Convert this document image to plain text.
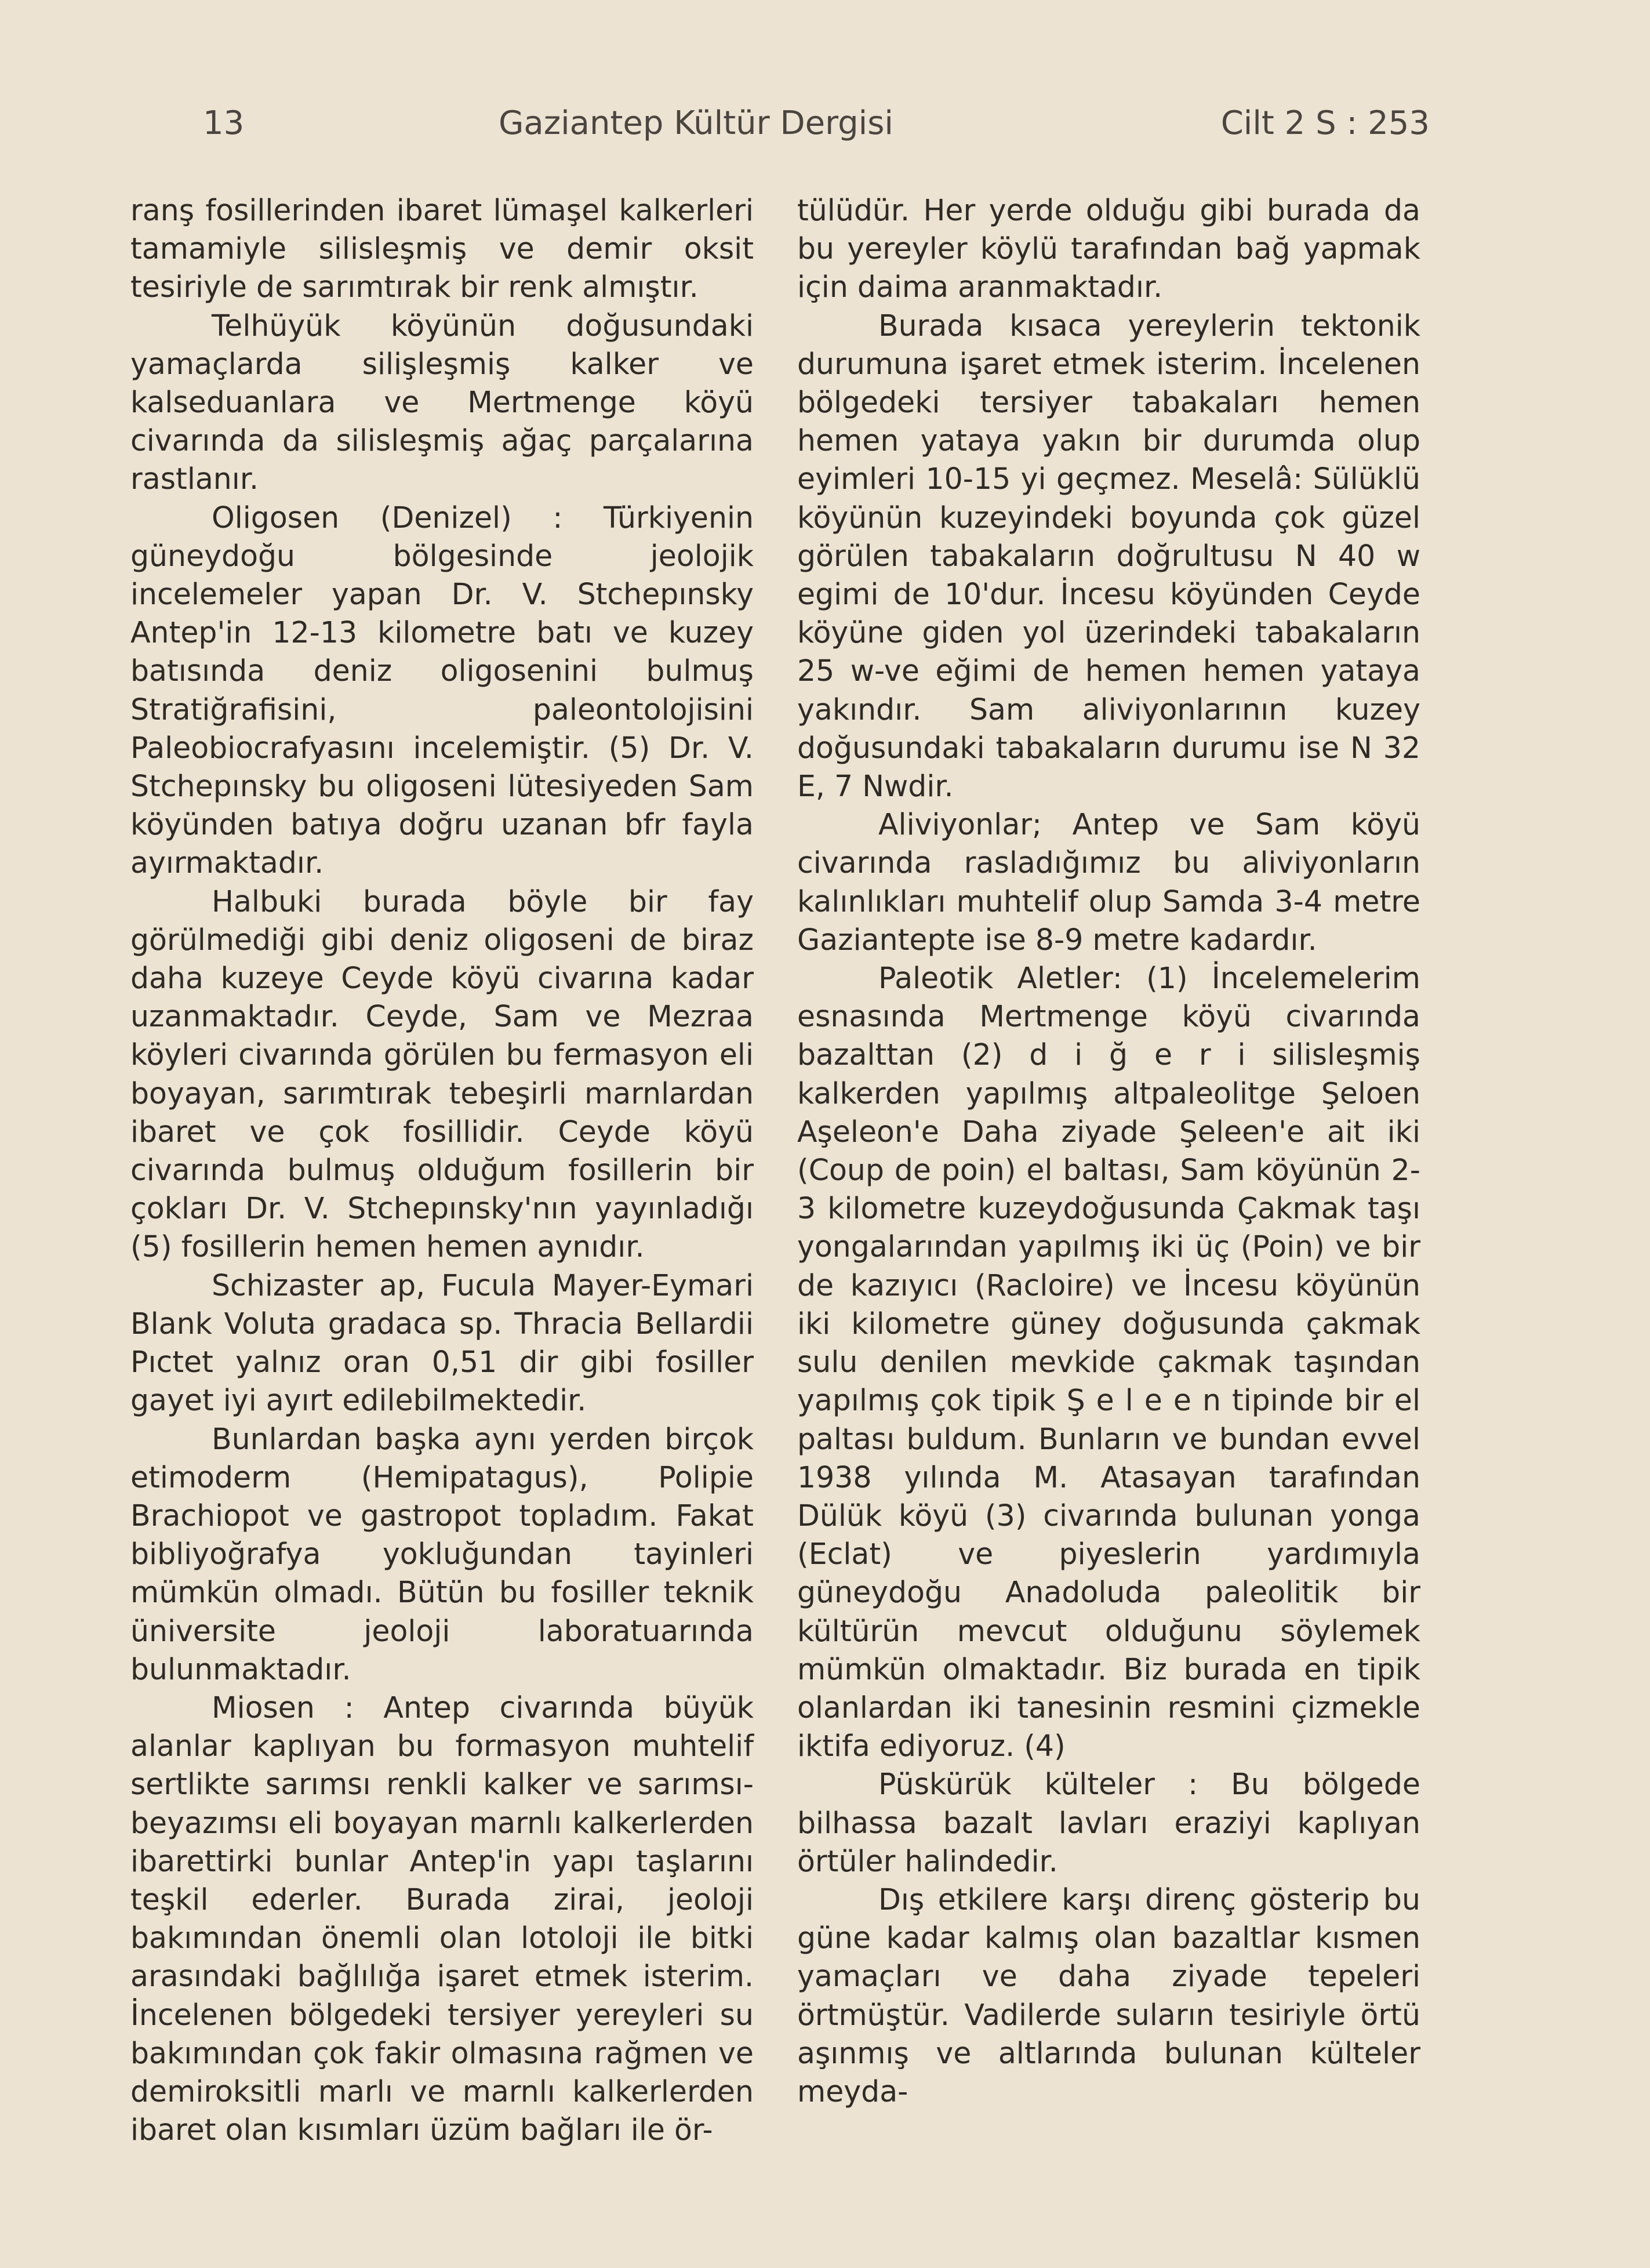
13	Gaziantep Kültür Dergisi	Cilt 2 S : 253

ranş fosillerinden ibaret lümaşel kalkerleri tamamiyle silisleşmiş ve demir oksit tesiriyle de sarımtırak bir renk almıştır.

Telhüyük köyünün doğusundaki yamaçlarda silişleşmiş kalker ve kalseduanlara ve Mertmenge köyü civarında da silisleşmiş ağaç parçalarına rastlanır.

Oligosen (Denizel) : Türkiyenin güneydoğu bölgesinde jeolojik incelemeler yapan Dr. V. Stchepınsky Antep'in 12-13 kilometre batı ve kuzey batısında deniz oligosenini bulmuş Stratiğrafisini, paleontolojisini Paleobiocrafyasını incelemiştir. (5) Dr. V. Stchepınsky bu oligoseni lütesiyeden Sam köyünden batıya doğru uzanan bfr fayla ayırmaktadır.

Halbuki burada böyle bir fay görülmediği gibi deniz oligoseni de biraz daha kuzeye Ceyde köyü civarına kadar uzanmaktadır. Ceyde, Sam ve Mezraa köyleri civarında görülen bu fermasyon eli boyayan, sarımtırak tebeşirli marnlardan ibaret ve çok fosillidir. Ceyde köyü civarında bulmuş olduğum fosillerin bir çokları Dr. V. Stchepınsky'nın yayınladığı (5) fosillerin hemen hemen aynıdır.

Schizaster ap, Fucula Mayer-Eymari Blank Voluta gradaca sp. Thracia Bellardii Pıctet yalnız oran 0,51 dir gibi fosiller gayet iyi ayırt edilebilmektedir.

Bunlardan başka aynı yerden birçok etimoderm (Hemipatagus), Polipie Brachiopot ve gastropot topladım. Fakat bibliyoğrafya yokluğundan tayinleri mümkün olmadı. Bütün bu fosiller teknik üniversite jeoloji laboratuarında bulunmaktadır.

Miosen : Antep civarında büyük alanlar kaplıyan bu formasyon muhtelif sertlikte sarımsı renkli kalker ve sarımsı- beyazımsı eli boyayan marnlı kalkerlerden ibarettirki bunlar Antep'in yapı taşlarını teşkil ederler. Burada zirai, jeoloji bakımından önemli olan lotoloji ile bitki arasındaki bağlılığa işaret etmek isterim. İncelenen bölgedeki tersiyer yereyleri su bakımından çok fakir olmasına rağmen ve demiroksitli marlı ve marnlı kalkerlerden ibaret olan kısımları üzüm bağları ile ör-

tülüdür. Her yerde olduğu gibi burada da bu yereyler köylü tarafından bağ yapmak için daima aranmaktadır.

Burada kısaca yereylerin tektonik durumuna işaret etmek isterim. İncelenen bölgedeki tersiyer tabakaları hemen hemen yataya yakın bir durumda olup eyimleri 10-15 yi geçmez. Meselâ: Sülüklü köyünün kuzeyindeki boyunda çok güzel görülen tabakaların doğrultusu N 40 w egimi de 10'dur. İncesu köyünden Ceyde köyüne giden yol üzerindeki tabakaların 25 w-ve eğimi de hemen hemen yataya yakındır. Sam aliviyonlarının kuzey doğusundaki tabakaların durumu ise N 32 E, 7 Nwdir.

Aliviyonlar; Antep ve Sam köyü civarında rasladığımız bu aliviyonların kalınlıkları muhtelif olup Samda 3-4 metre Gaziantepte ise 8-9 metre kadardır.

Paleotik Aletler: (1) İncelemelerim esnasında Mertmenge köyü civarında bazalttan (2) d i ğ e r i silisleşmiş kalkerden yapılmış altpaleolitge Şeloen Aşeleon'e Daha ziyade Şeleen'e ait iki (Coup de poin) el baltası, Sam köyünün 2-3 kilometre kuzeydoğusunda Çakmak taşı yongalarından yapılmış iki üç (Poin) ve bir de kazıyıcı (Racloire) ve İncesu köyünün iki kilometre güney doğusunda çakmak sulu denilen mevkide çakmak taşından yapılmış çok tipik Ş e l e e n tipinde bir el paltası buldum. Bunların ve bundan evvel 1938 yılında M. Atasayan tarafından Dülük köyü (3) civarında bulunan yonga (Eclat) ve piyeslerin yardımıyla güneydoğu Anadoluda paleolitik bir kültürün mevcut olduğunu söylemek mümkün olmaktadır. Biz burada en tipik olanlardan iki tanesinin resmini çizmekle iktifa ediyoruz. (4)

Püskürük külteler : Bu bölgede bilhassa bazalt lavları eraziyi kaplıyan örtüler halindedir.

Dış etkilere karşı direnç gösterip bu güne kadar kalmış olan bazaltlar kısmen yamaçları ve daha ziyade tepeleri örtmüştür. Vadilerde suların tesiriyle örtü aşınmış ve altlarında bulunan külteler meyda-
